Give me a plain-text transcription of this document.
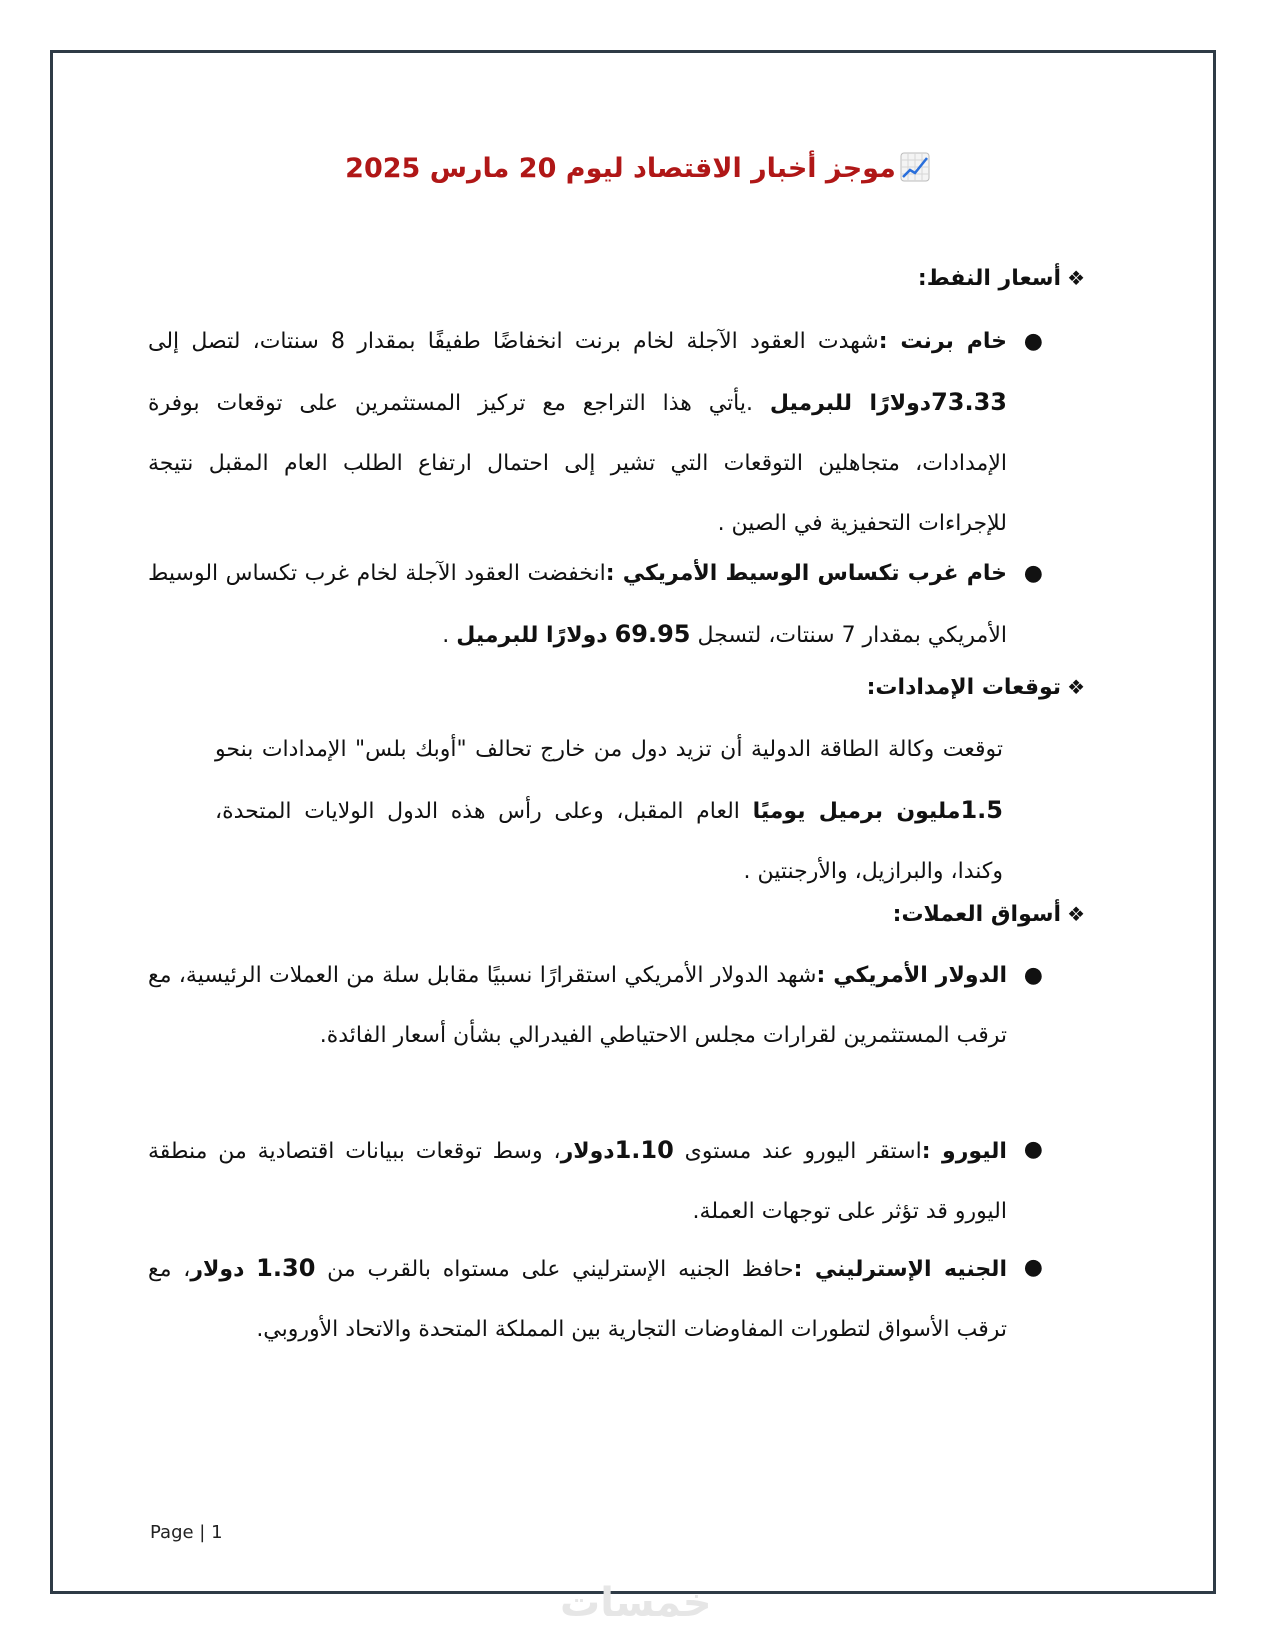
موجز أخبار الاقتصاد ليوم 20 مارس 2025
❖أسعار النفط:
●
خام برنت :شهدت العقود الآجلة لخام برنت انخفاضًا طفيفًا بمقدار 8 سنتات، لتصل إلى 73.33دولارًا للبرميل .يأتي هذا التراجع مع تركيز المستثمرين على توقعات بوفرة الإمدادات، متجاهلين التوقعات التي تشير إلى احتمال ارتفاع الطلب العام المقبل نتيجة للإجراءات التحفيزية في الصين .
●
خام غرب تكساس الوسيط الأمريكي :انخفضت العقود الآجلة لخام غرب تكساس الوسيط الأمريكي بمقدار 7 سنتات، لتسجل 69.95 دولارًا للبرميل .
❖توقعات الإمدادات:
توقعت وكالة الطاقة الدولية أن تزيد دول من خارج تحالف "أوبك بلس" الإمدادات بنحو 1.5مليون برميل يوميًا العام المقبل، وعلى رأس هذه الدول الولايات المتحدة، وكندا، والبرازيل، والأرجنتين .
❖أسواق العملات:
●
الدولار الأمريكي :شهد الدولار الأمريكي استقرارًا نسبيًا مقابل سلة من العملات الرئيسية، مع ترقب المستثمرين لقرارات مجلس الاحتياطي الفيدرالي بشأن أسعار الفائدة.
●
اليورو :استقر اليورو عند مستوى 1.10دولار، وسط توقعات ببيانات اقتصادية من منطقة اليورو قد تؤثر على توجهات العملة.
●
الجنيه الإسترليني :حافظ الجنيه الإسترليني على مستواه بالقرب من 1.30 دولار، مع ترقب الأسواق لتطورات المفاوضات التجارية بين المملكة المتحدة والاتحاد الأوروبي.
Page | 1
خمسات
